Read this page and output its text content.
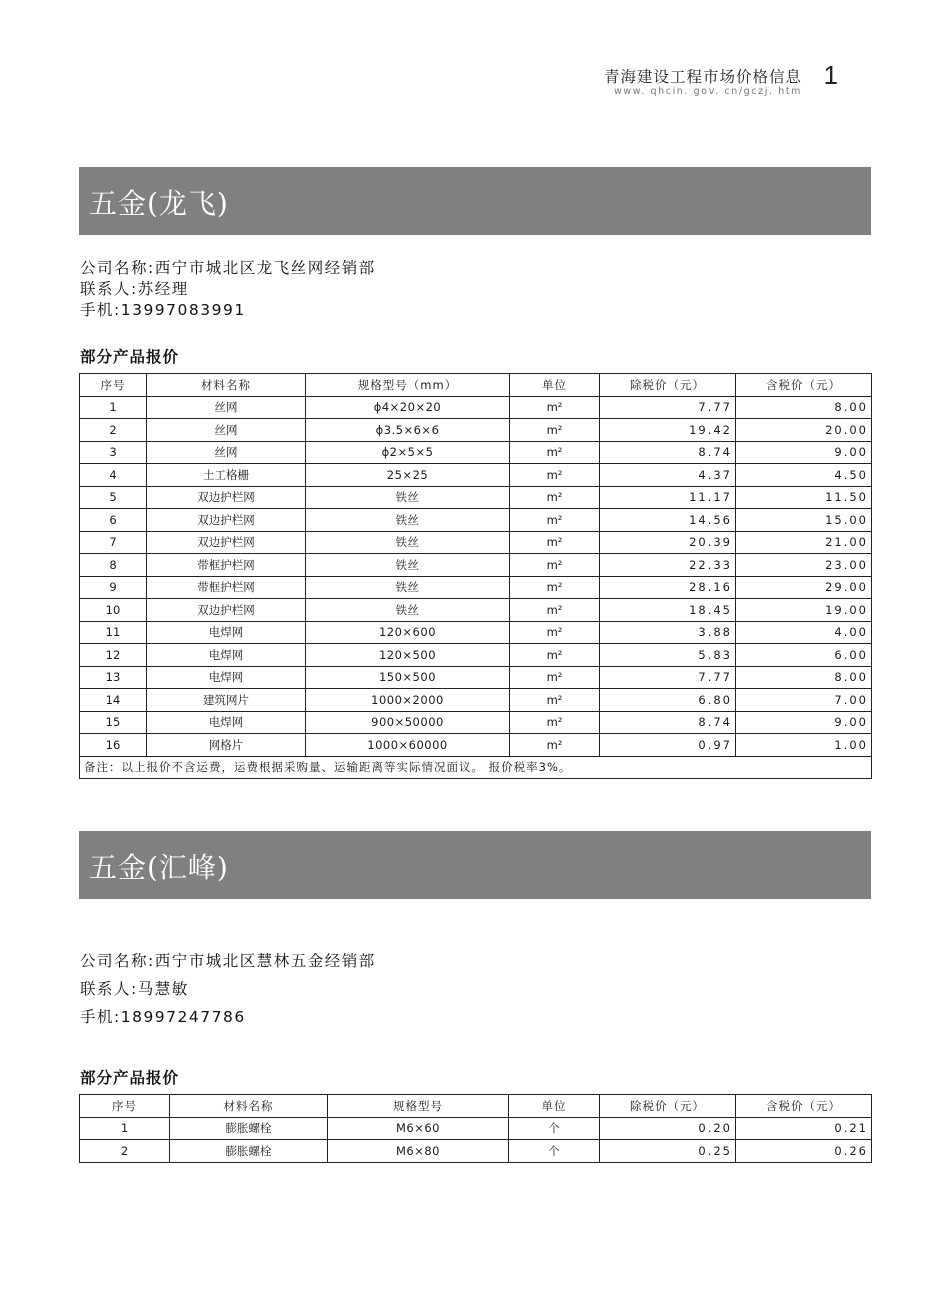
青海建设工程市场价格信息
www. qhcin. gov. cn/gczj. htm
1
五金(龙飞)
公司名称:西宁市城北区龙飞丝网经销部
联系人:苏经理
手机:13997083991
部分产品报价
序号	材料名称	规格型号（mm）	单位	除税价（元）	含税价（元）
1	丝网	ϕ4×20×20	m²	7.77	8.00
2	丝网	ϕ3.5×6×6	m²	19.42	20.00
3	丝网	ϕ2×5×5	m²	8.74	9.00
4	土工格栅	25×25	m²	4.37	4.50
5	双边护栏网	铁丝	m²	11.17	11.50
6	双边护栏网	铁丝	m²	14.56	15.00
7	双边护栏网	铁丝	m²	20.39	21.00
8	带框护栏网	铁丝	m²	22.33	23.00
9	带框护栏网	铁丝	m²	28.16	29.00
10	双边护栏网	铁丝	m²	18.45	19.00
11	电焊网	120×600	m²	3.88	4.00
12	电焊网	120×500	m²	5.83	6.00
13	电焊网	150×500	m²	7.77	8.00
14	建筑网片	1000×2000	m²	6.80	7.00
15	电焊网	900×50000	m²	8.74	9.00
16	网格片	1000×60000	m²	0.97	1.00
备注：以上报价不含运费，运费根据采购量、运输距离等实际情况面议。 报价税率3%。					
五金(汇峰)
公司名称:西宁市城北区慧林五金经销部
联系人:马慧敏
手机:18997247786
部分产品报价
序号	材料名称	规格型号	单位	除税价（元）	含税价（元）
1	膨胀螺栓	M6×60	个	0.20	0.21
2	膨胀螺栓	M6×80	个	0.25	0.26
